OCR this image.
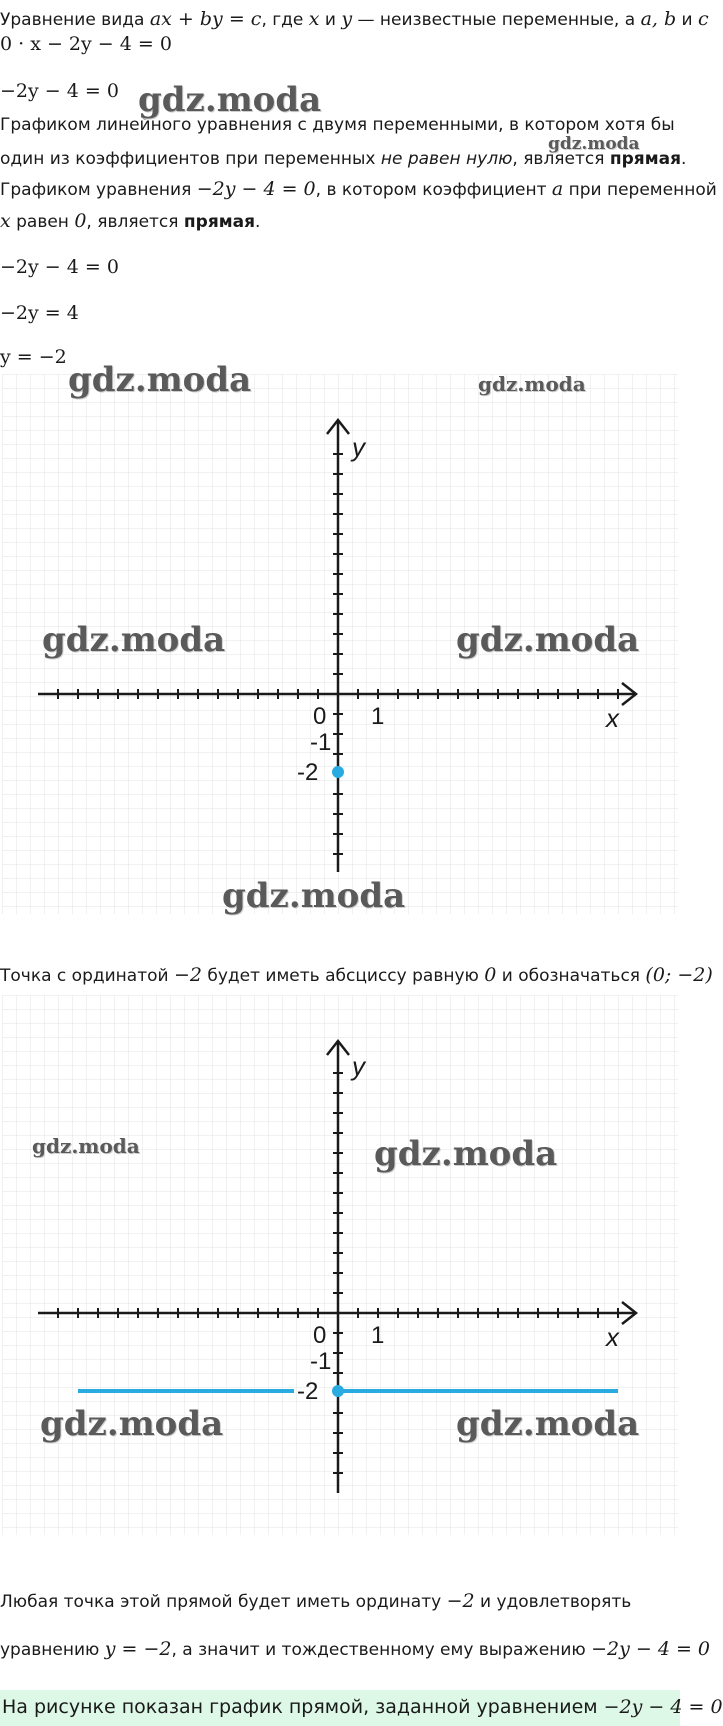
Уравнение вида ax + by = c, где x и y — неизвестные переменные, а a, b и c
0 · x − 2y − 4 = 0
−2y − 4 = 0
Графиком линейного уравнения с двумя переменными, в котором хотя бы
один из коэффициентов при переменных не равен нулю, является прямая.
Графиком уравнения −2y − 4 = 0, в котором коэффициент a при переменной
x равен 0, является прямая.
−2y − 4 = 0
−2y = 4
y = −2
y
x
0 1
-1
-2
Точка с ординатой −2 будет иметь абсциссу равную 0 и обозначаться (0; −2)
y
x
0 1
-1
-2
Любая точка этой прямой будет иметь ординату −2 и удовлетворять
уравнению y = −2, а значит и тождественному ему выражению −2y − 4 = 0
На рисунке показан график прямой, заданной уравнением −2y − 4 = 0
gdz.moda
gdz.moda
gdz.moda	gdz.moda
gdz.moda	gdz.moda
gdz.moda
gdz.moda	gdz.moda
gdz.moda	gdz.moda
